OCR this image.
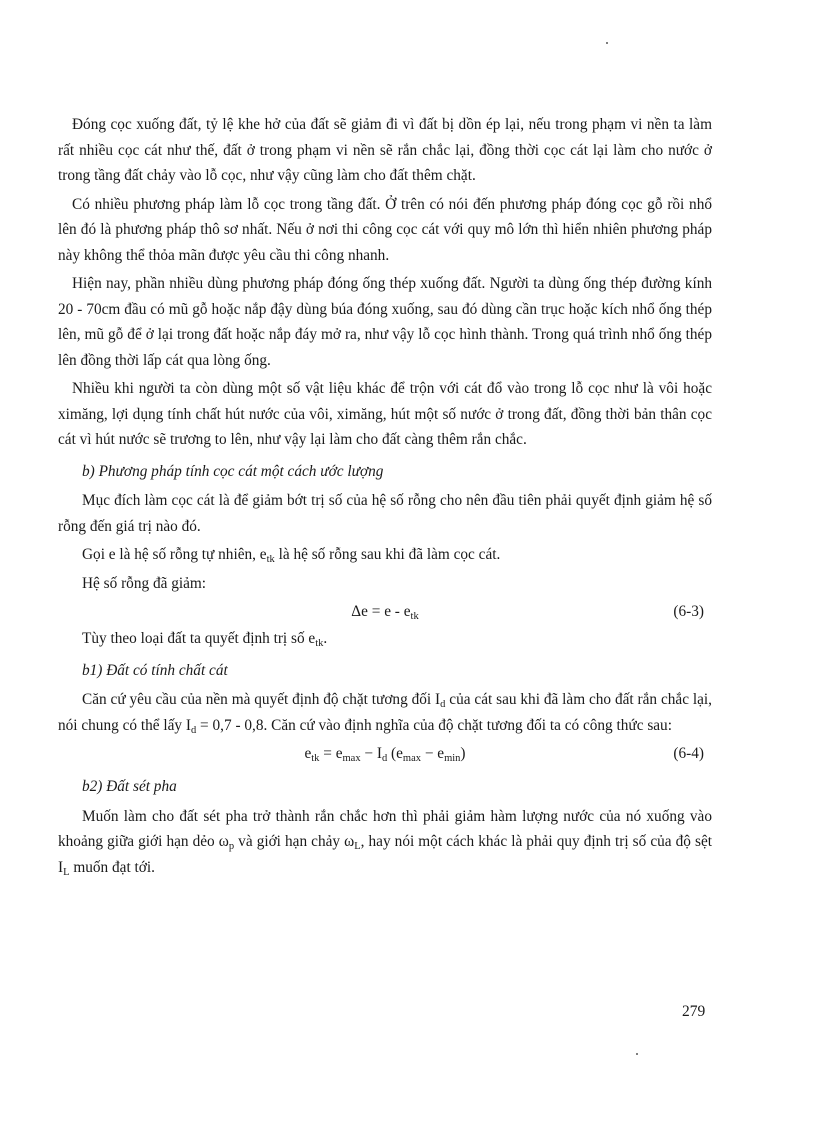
Đóng cọc xuống đất, tỷ lệ khe hở của đất sẽ giảm đi vì đất bị dồn ép lại, nếu trong phạm vi nền ta làm rất nhiều cọc cát như thế, đất ở trong phạm vi nền sẽ rắn chắc lại, đồng thời cọc cát lại làm cho nước ở trong tầng đất chảy vào lỗ cọc, như vậy cũng làm cho đất thêm chặt.

Có nhiều phương pháp làm lỗ cọc trong tầng đất. Ở trên có nói đến phương pháp đóng cọc gỗ rồi nhổ lên đó là phương pháp thô sơ nhất. Nếu ở nơi thi công cọc cát với quy mô lớn thì hiển nhiên phương pháp này không thể thỏa mãn được yêu cầu thi công nhanh.

Hiện nay, phần nhiều dùng phương pháp đóng ống thép xuống đất. Người ta dùng ống thép đường kính 20 - 70cm đầu có mũ gỗ hoặc nắp đậy dùng búa đóng xuống, sau đó dùng cần trục hoặc kích nhổ ống thép lên, mũ gỗ để ở lại trong đất hoặc nắp đáy mở ra, như vậy lỗ cọc hình thành. Trong quá trình nhổ ống thép lên đồng thời lấp cát qua lòng ống.

Nhiều khi người ta còn dùng một số vật liệu khác để trộn với cát đổ vào trong lỗ cọc như là vôi hoặc ximăng, lợi dụng tính chất hút nước của vôi, ximăng, hút một số nước ở trong đất, đồng thời bản thân cọc cát vì hút nước sẽ trương to lên, như vậy lại làm cho đất càng thêm rắn chắc.

b) Phương pháp tính cọc cát một cách ước lượng

Mục đích làm cọc cát là để giảm bớt trị số của hệ số rỗng cho nên đầu tiên phải quyết định giảm hệ số rỗng đến giá trị nào đó.

Gọi e là hệ số rỗng tự nhiên, $e_{tk}$ là hệ số rỗng sau khi đã làm cọc cát.

Hệ số rỗng đã giảm:

$\Delta e = e - e_{tk}$	(6-3)

Tùy theo loại đất ta quyết định trị số $e_{tk}$.

b1) Đất có tính chất cát

Căn cứ yêu cầu của nền mà quyết định độ chặt tương đối $I_d$ của cát sau khi đã làm cho đất rắn chắc lại, nói chung có thể lấy $I_d = 0,7 - 0,8$. Căn cứ vào định nghĩa của độ chặt tương đối ta có công thức sau:

$e_{tk} = e_{max} - I_d$ $(e_{max} - e_{min})$	(6-4)
b2) Đất sét pha

Muốn làm cho đất sét pha trở thành rắn chắc hơn thì phải giảm hàm lượng nước của nó xuống vào khoảng giữa giới hạn dẻo $\omega_p$ và giới hạn chảy $\omega_L$, hay nói một cách khác là phải quy định trị số của độ sệt $I_L$ muốn đạt tới.

279
